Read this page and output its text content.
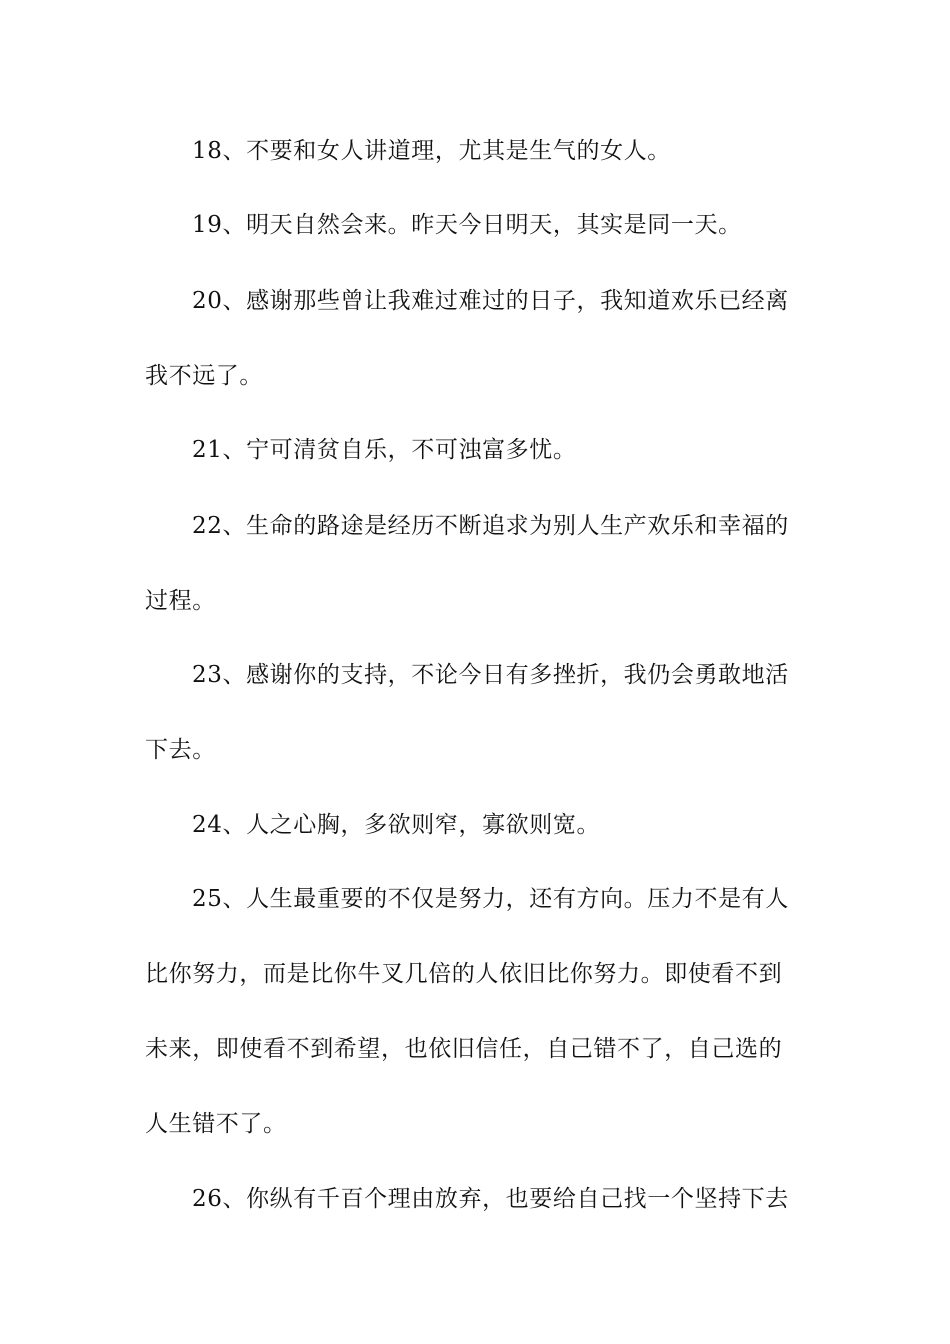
18、不要和女人讲道理，尤其是生气的女人。
19、明天自然会来。昨天今日明天，其实是同一天。
20、感谢那些曾让我难过难过的日子，我知道欢乐已经离
我不远了。
21、宁可清贫自乐，不可浊富多忧。
22、生命的路途是经历不断追求为别人生产欢乐和幸福的
过程。
23、感谢你的支持，不论今日有多挫折，我仍会勇敢地活
下去。
24、人之心胸，多欲则窄，寡欲则宽。
25、人生最重要的不仅是努力，还有方向。压力不是有人
比你努力，而是比你牛叉几倍的人依旧比你努力。即使看不到
未来，即使看不到希望，也依旧信任，自己错不了，自己选的
人生错不了。
26、你纵有千百个理由放弃，也要给自己找一个坚持下去
